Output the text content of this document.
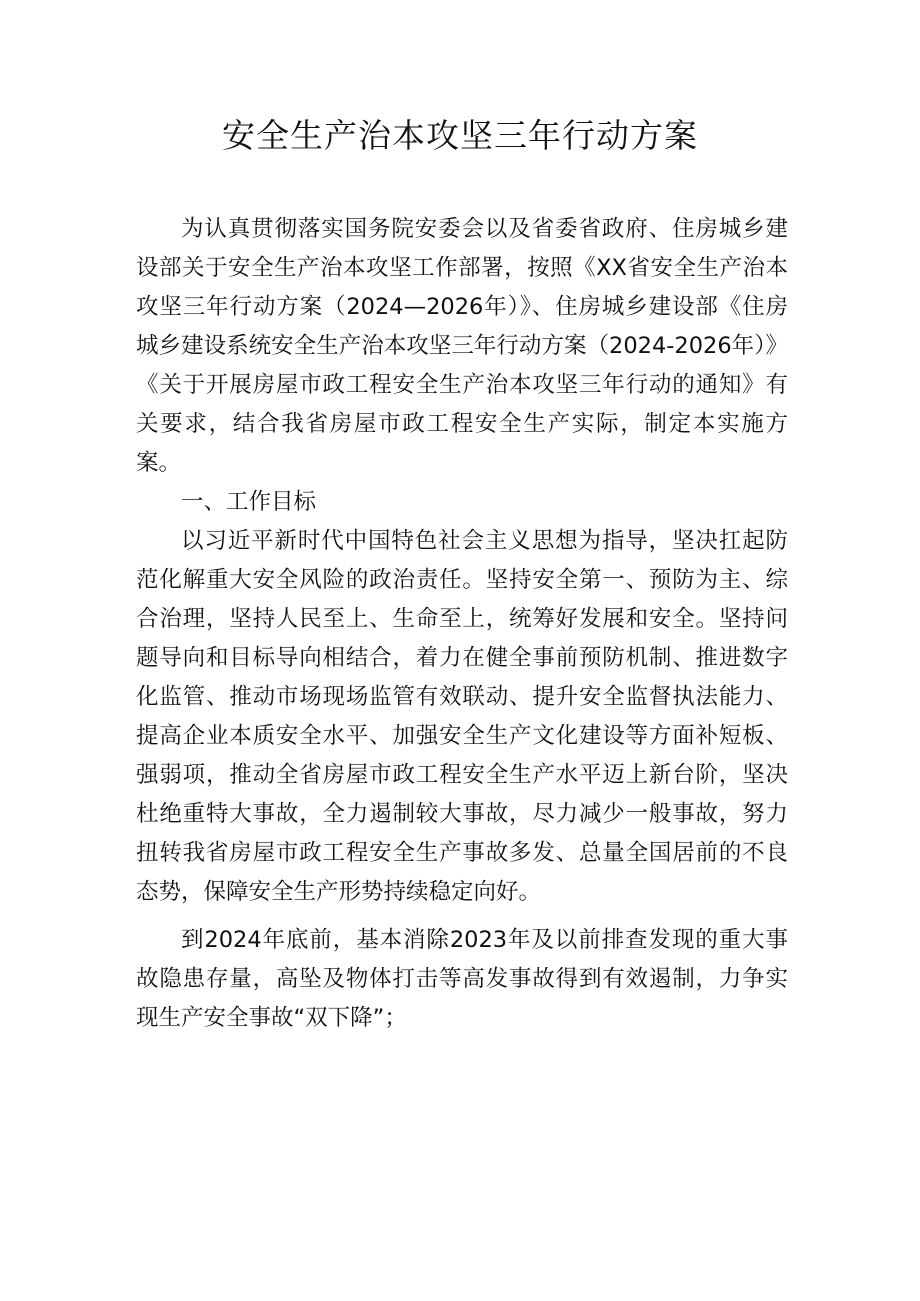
安全生产治本攻坚三年行动方案

为认真贯彻落实国务院安委会以及省委省政府、住房城乡建设部关于安全生产治本攻坚工作部署，按照《XX省安全生产治本攻坚三年行动方案（2024—2026年）》、住房城乡建设部《住房城乡建设系统安全生产治本攻坚三年行动方案（2024-2026年）》《关于开展房屋市政工程安全生产治本攻坚三年行动的通知》有关要求，结合我省房屋市政工程安全生产实际，制定本实施方案。

一、工作目标

以习近平新时代中国特色社会主义思想为指导，坚决扛起防范化解重大安全风险的政治责任。坚持安全第一、预防为主、综合治理，坚持人民至上、生命至上，统筹好发展和安全。坚持问题导向和目标导向相结合，着力在健全事前预防机制、推进数字化监管、推动市场现场监管有效联动、提升安全监督执法能力、提高企业本质安全水平、加强安全生产文化建设等方面补短板、强弱项，推动全省房屋市政工程安全生产水平迈上新台阶，坚决杜绝重特大事故，全力遏制较大事故，尽力减少一般事故，努力扭转我省房屋市政工程安全生产事故多发、总量全国居前的不良态势，保障安全生产形势持续稳定向好。

到2024年底前，基本消除2023年及以前排查发现的重大事故隐患存量，高坠及物体打击等高发事故得到有效遏制，力争实现生产安全事故“双下降”；
